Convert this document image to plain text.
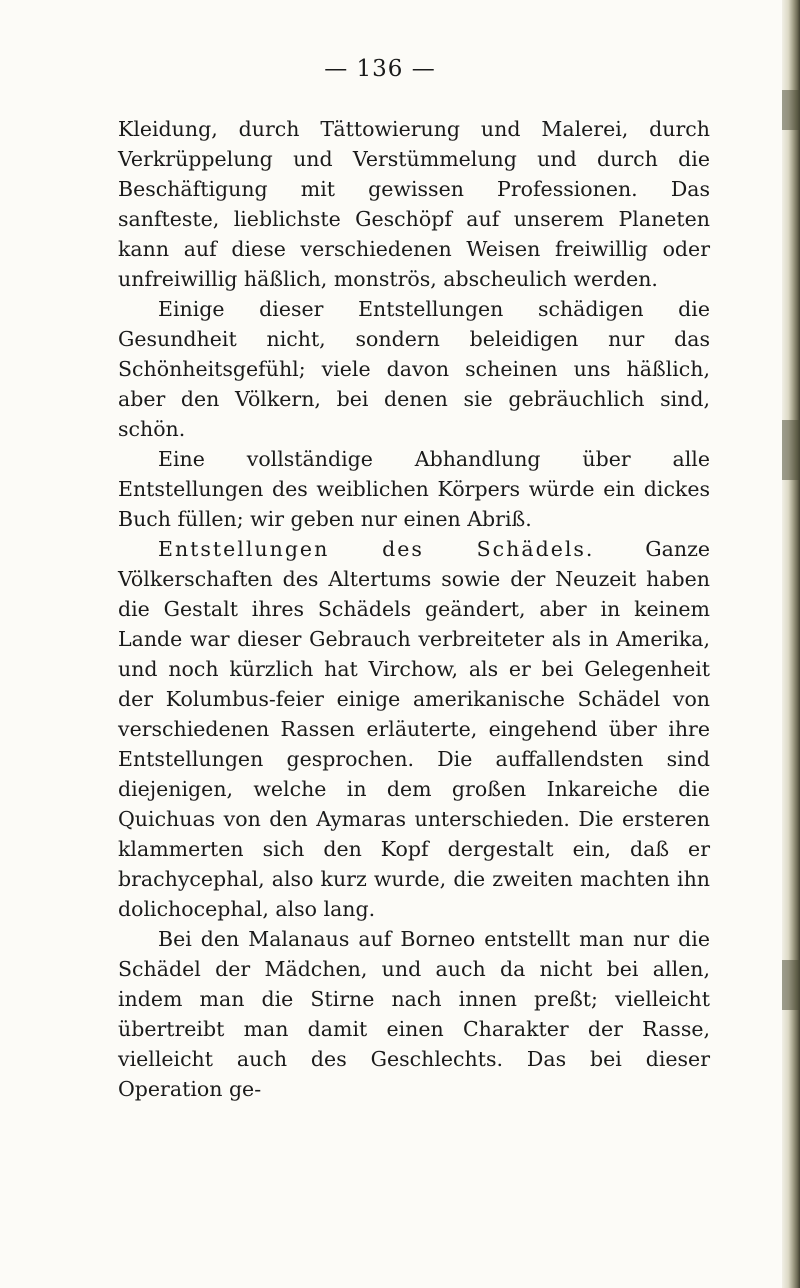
— 136 —

Kleidung, durch Tättowierung und Malerei, durch Verkrüppelung und Verstümmelung und durch die Beschäftigung mit gewissen Professionen. Das sanfteste, lieblichste Geschöpf auf unserem Planeten kann auf diese verschiedenen Weisen freiwillig oder unfreiwillig häßlich, monströs, abscheulich werden.

Einige dieser Entstellungen schädigen die Gesundheit nicht, sondern beleidigen nur das Schönheitsgefühl; viele davon scheinen uns häßlich, aber den Völkern, bei denen sie gebräuchlich sind, schön.

Eine vollständige Abhandlung über alle Entstellungen des weiblichen Körpers würde ein dickes Buch füllen; wir geben nur einen Abriß.

Entstellungen des Schädels. Ganze Völkerschaften des Altertums sowie der Neuzeit haben die Gestalt ihres Schädels geändert, aber in keinem Lande war dieser Gebrauch verbreiteter als in Amerika, und noch kürzlich hat Virchow, als er bei Gelegenheit der Kolumbus-feier einige amerikanische Schädel von verschiedenen Rassen erläuterte, eingehend über ihre Entstellungen gesprochen. Die auffallendsten sind diejenigen, welche in dem großen Inkareiche die Quichuas von den Aymaras unterschieden. Die ersteren klammerten sich den Kopf dergestalt ein, daß er brachycephal, also kurz wurde, die zweiten machten ihn dolichocephal, also lang.

Bei den Malanaus auf Borneo entstellt man nur die Schädel der Mädchen, und auch da nicht bei allen, indem man die Stirne nach innen preßt; vielleicht übertreibt man damit einen Charakter der Rasse, vielleicht auch des Geschlechts. Das bei dieser Operation ge-
